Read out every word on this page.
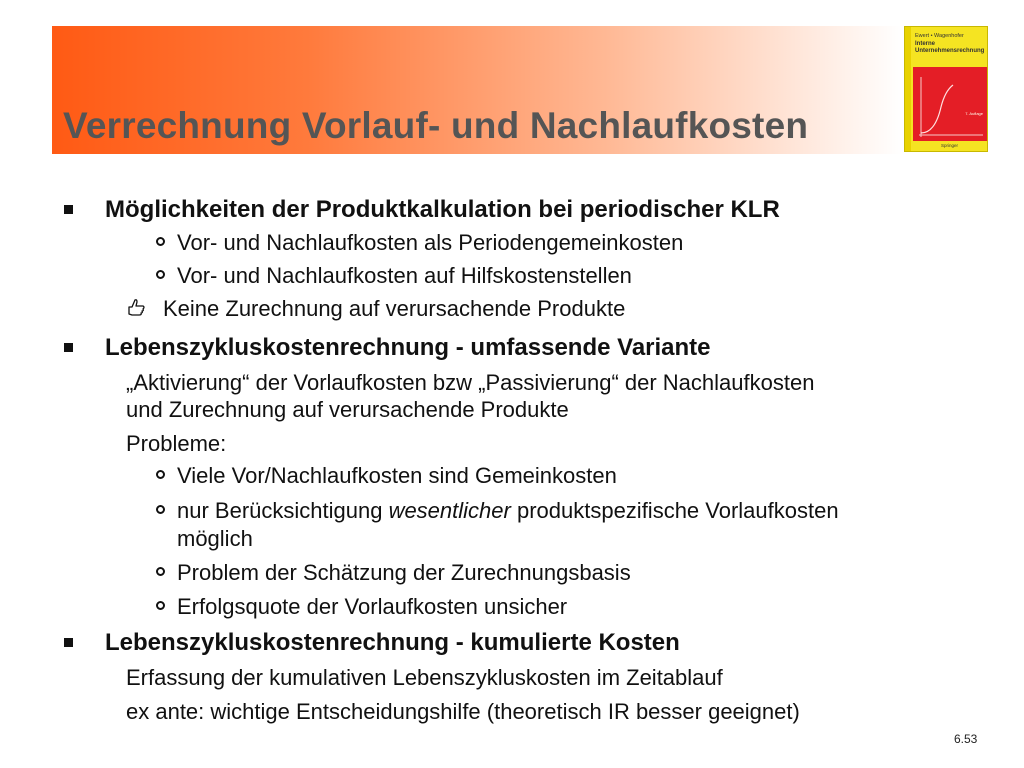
Verrechnung Vorlauf- und Nachlaufkosten
Ewert • Wagenhofer
Interne
Unternehmensrechnung
7. Auflage
Springer
Möglichkeiten der Produktkalkulation bei periodischer KLR
Vor- und Nachlaufkosten als Periodengemeinkosten
Vor- und Nachlaufkosten auf Hilfskostenstellen
Keine Zurechnung auf verursachende Produkte
Lebenszykluskostenrechnung - umfassende Variante
„Aktivierung“ der Vorlaufkosten bzw „Passivierung“ der Nachlaufkosten
und Zurechnung auf verursachende Produkte
Probleme:
Viele Vor/Nachlaufkosten sind Gemeinkosten
nur Berücksichtigung wesentlicher produktspezifische Vorlaufkosten
möglich
Problem der Schätzung der Zurechnungsbasis
Erfolgsquote der Vorlaufkosten unsicher
Lebenszykluskostenrechnung - kumulierte Kosten
Erfassung der kumulativen Lebenszykluskosten im Zeitablauf
ex ante: wichtige Entscheidungshilfe (theoretisch IR besser geeignet)
6.53
